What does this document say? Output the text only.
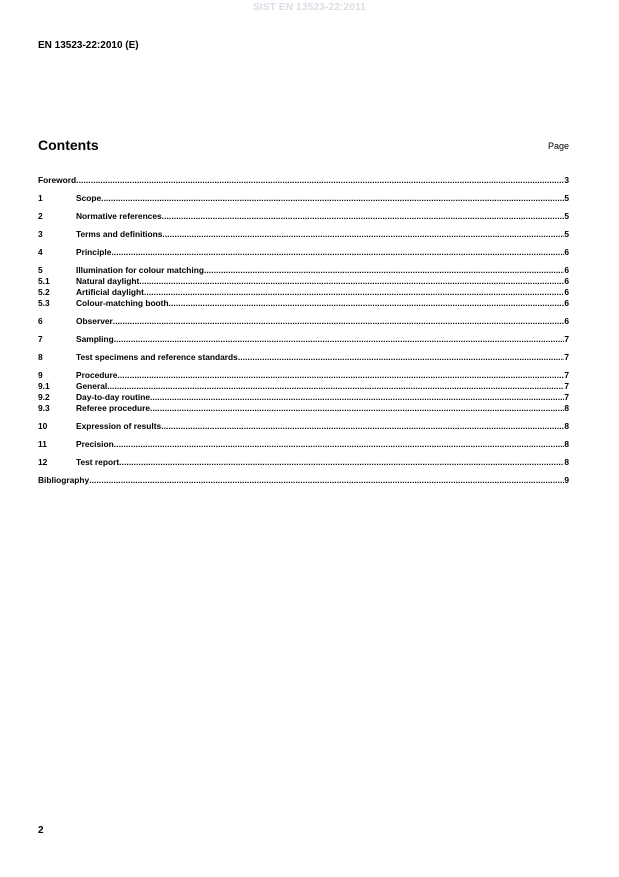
SIST EN 13523-22:2011
EN 13523-22:2010 (E)
Contents	Page
Foreword .....	3
1	Scope .....	5
2	Normative references .....	5
3	Terms and definitions .....	5
4	Principle .....	6
5	Illumination for colour matching .....	6
5.1	Natural daylight .....	6
5.2	Artificial daylight .....	6
5.3	Colour-matching booth .....	6
6	Observer .....	6
7	Sampling .....	7
8	Test specimens and reference standards .....	7
9	Procedure .....	7
9.1	General .....	7
9.2	Day-to-day routine .....	7
9.3	Referee procedure .....	8
10	Expression of results .....	8
11	Precision .....	8
12	Test report .....	8
Bibliography .....	9
2
